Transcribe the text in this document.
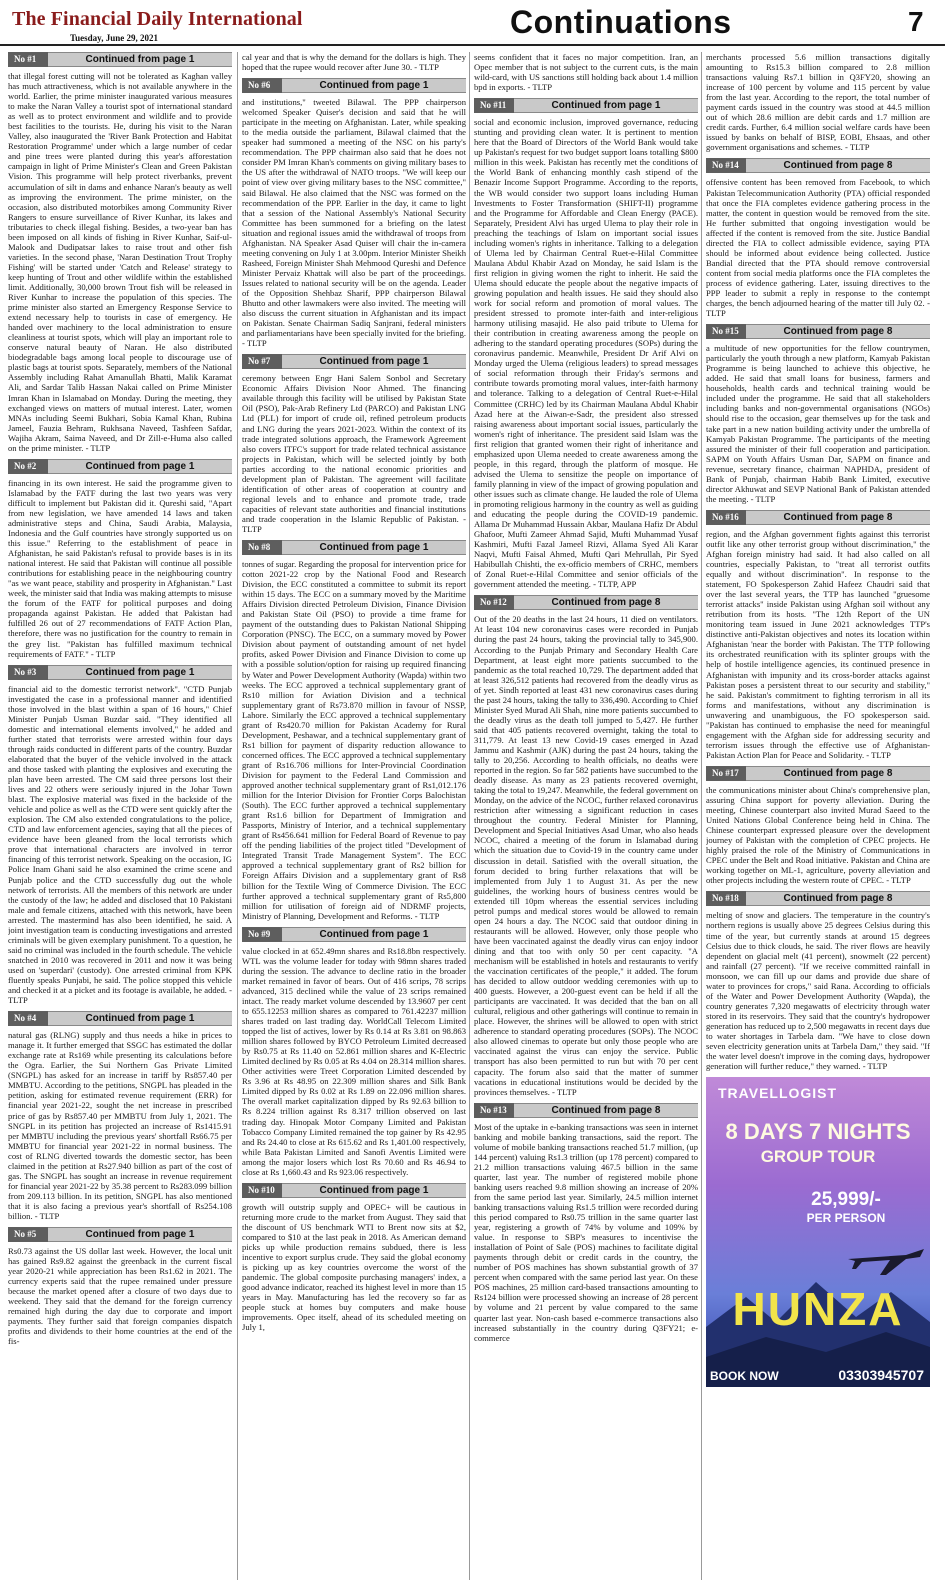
The Financial Daily International
Tuesday, June 29, 2021	Continuations	7
No #1	Continued from page 1
that illegal forest cutting will not be tolerated as Kaghan valley has much attractiveness, which is not available anywhere in the world. Earlier, the prime minister inaugurated various measures to make the Naran Valley a tourist spot of international standard as well as to protect environment and wildlife and to provide best facilities to the tourists. He, during his visit to the Naran Valley, also inaugurated the 'River Bank Protection and Habitat Restoration Programme' under which a large number of cedar and pine trees were planted during this year's afforestation campaign in light of Prime Minister's Clean and Green Pakistan Vision. This programme will help protect riverbanks, prevent accumulation of silt in dams and enhance Naran's beauty as well as improving the environment. The prime minister, on the occasion, also distributed motorbikes among Community River Rangers to ensure surveillance of River Kunhar, its lakes and tributaries to check illegal fishing. Besides, a two-year ban has been imposed on all kinds of fishing in River Kunhar, Saif-ul-Malook and Dudipatsar lakes to raise trout and other fish varieties. In the second phase, 'Naran Destination Trout Trophy Fishing' will be started under 'Catch and Release' strategy to keep hunting of Trout and other wildlife within the established limit. Additionally, 30,000 brown Trout fish will be released in River Kunhar to increase the population of this species. The prime minister also started an Emergency Response Service to extend necessary help to tourists in case of emergency. He handed over machinery to the local administration to ensure cleanliness at tourist spots, which will play an important role to conserve natural beauty of Naran. He also distributed biodegradable bags among local people to discourage use of plastic bags at tourist spots. Separately, members of the National Assembly including Rahat Amanullah Bhatti, Malik Karamat Ali, and Sardar Talib Hassan Nakai called on Prime Minister Imran Khan in Islamabad on Monday. During the meeting, they exchanged views on matters of mutual interest. Later, women MNAs including Seemi Bukhari, Sobia Kamal Khan, Rubina Jameel, Fauzia Behram, Rukhsana Naveed, Tashfeen Safdar, Wajiha Akram, Saima Naveed, and Dr Zill-e-Huma also called on the prime minister. - TLTP
No #2	Continued from page 1
financing in its own interest. He said the programme given to Islamabad by the FATF during the last two years was very difficult to implement but Pakistan did it. Qureshi said, "Apart from new legislation, we have amended 14 laws and taken administrative steps and China, Saudi Arabia, Malaysia, Indonesia and the Gulf countries have strongly supported us on this issue." Referring to the establishment of peace in Afghanistan, he said Pakistan's refusal to provide bases is in its national interest. He said that Pakistan will continue all possible contributions for establishing peace in the neighbouring country "as we want peace, stability and prosperity in Afghanistan." Last week, the minister said that India was making attempts to misuse the forum of the FATF for political purposes and doing propaganda against Pakistan. He added that Pakistan had fulfilled 26 out of 27 recommendations of FATF Action Plan, therefore, there was no justification for the country to remain in the grey list. "Pakistan has fulfilled maximum technical requirements of FATF." - TLTP
No #3	Continued from page 1
financial aid to the domestic terrorist network". "CTD Punjab investigated the case in a professional manner and identified those involved in the blast within a span of 16 hours," Chief Minister Punjab Usman Buzdar said. "They identified all domestic and international elements involved," he added and further stated that terrorists were arrested within four days through raids conducted in different parts of the country. Buzdar elaborated that the buyer of the vehicle involved in the attack and those tasked with planting the explosives and executing the plan have been arrested. The CM said three persons lost their lives and 22 others were seriously injured in the Johar Town blast. The explosive material was fixed in the backside of the vehicle and police as well as the CTD were sent quickly after the explosion. The CM also extended congratulations to the police, CTD and law enforcement agencies, saying that all the pieces of evidence have been gleaned from the local terrorists which prove that international characters are involved in terror financing of this terrorist network. Speaking on the occasion, IG Police Inam Ghani said he also examined the crime scene and Punjab police and the CTD successfully dug out the whole network of terrorists. All the members of this network are under the custody of the law; he added and disclosed that 10 Pakistani male and female citizens, attached with this network, have been arrested. The mastermind has also been identified, he said. A joint investigation team is conducting investigations and arrested criminals will be given exemplary punishment. To a question, he said no criminal was included in the fourth schedule. The vehicle snatched in 2010 was recovered in 2011 and now it was being used on 'superdari' (custody). One arrested criminal from KPK fluently speaks Punjabi, he said. The police stopped this vehicle and checked it at a picket and its footage is available, he added. - TLTP
No #4	Continued from page 1
natural gas (RLNG) supply and thus needs a hike in prices to manage it. It further emerged that SSGC has estimated the dollar exchange rate at Rs169 while presenting its calculations before the Ogra. Earlier, the Sui Northern Gas Private Limited (SNGPL) has asked for an increase in tariff by Rs857.40 per MMBTU. According to the petitions, SNGPL has pleaded in the petition, asking for estimated revenue requirement (ERR) for financial year 2021-22, sought the net increase in prescribed price of gas by Rs857.40 per MMBTU from July 1, 2021. The SNGPL in its petition has projected an increase of Rs1415.91 per MMBTU including the previous years' shortfall Rs66.75 per MMBTU for financial year 2021-22 in normal business. The cost of RLNG diverted towards the domestic sector, has been claimed in the petition at Rs27.940 billion as part of the cost of gas. The SNGPL has sought an increase in revenue requirement for financial year 2021-22 by 35.38 percent to Rs283.099 billion from 209.113 billion. In its petition, SNGPL has also mentioned that it is also facing a previous year's shortfall of Rs254.108 billion. - TLTP
No #5	Continued from page 1
Rs0.73 against the US dollar last week. However, the local unit has gained Rs9.82 against the greenback in the current fiscal year 2020-21 while appreciation has been Rs1.62 in 2021. The currency experts said that the rupee remained under pressure because the market opened after a closure of two days due to weekend. They said that the demand for the foreign currency remained high during the day due to corporate and import payments. They further said that foreign companies dispatch profits and dividends to their home countries at the end of the fis-
cal year and that is why the demand for the dollars is high. They hoped that the rupee would recover after June 30. - TLTP
No #6	Continued from page 1
and institutions," tweeted Bilawal. The PPP chairperson welcomed Speaker Quiser's decision and said that he will participate in the meeting on Afghanistan. Later, while speaking to the media outside the parliament, Bilawal claimed that the speaker had summoned a meeting of the NSC on his party's recommendation. The PPP chairman also said that he does not consider PM Imran Khan's comments on giving military bases to the US after the withdrawal of NATO troops. "We will keep our point of view over giving military bases to the NSC committee," said Bilawal. He also claimed that the NSC was formed on the recommendation of the PPP. Earlier in the day, it came to light that a session of the National Assembly's National Security Committee has been summoned for a briefing on the latest situation and regional issues amid the withdrawal of troops from Afghanistan. NA Speaker Asad Quiser will chair the in-camera meeting convening on July 1 at 3.00pm. Interior Minister Sheikh Rasheed, Foreign Minister Shah Mehmood Qureshi and Defence Minister Pervaiz Khattak will also be part of the proceedings. Issues related to national security will be on the agenda. Leader of the Opposition Shehbaz Sharif, PPP chairperson Bilawal Bhutto and other lawmakers were also invited. The meeting will also discuss the current situation in Afghanistan and its impact on Pakistan. Senate Chairman Sadiq Sanjrani, federal ministers and parliamentarians have been specially invited for the briefing. - TLTP
No #7	Continued from page 1
ceremony between Engr Hani Salem Sonbol and Secretary Economic Affairs Division Noor Ahmed. The financing available through this facility will be utilised by Pakistan State Oil (PSO), Pak-Arab Refinery Ltd (PARCO) and Pakistan LNG Ltd (PLL) for import of crude oil, refined petroleum products and LNG during the years 2021-2023. Within the context of its trade integrated solutions approach, the Framework Agreement also covers ITFC's support for trade related technical assistance projects in Pakistan, which will be selected jointly by both parties according to the national economic priorities and development plan of Pakistan. The agreement will facilitate identification of other areas of cooperation at country and regional levels and to enhance and promote trade, trade capacities of relevant state authorities and financial institutions and trade cooperation in the Islamic Republic of Pakistan. - TLTP
No #8	Continued from page 1
tonnes of sugar. Regarding the proposal for intervention price for cotton 2021-22 crop by the National Food and Research Division, the ECC constituted a committee to submit its report within 15 days. The ECC on a summary moved by the Maritime Affairs Division directed Petroleum Division, Finance Division and Pakistan State Oil (PSO) to provide a time frame for payment of the outstanding dues to Pakistan National Shipping Corporation (PNSC). The ECC, on a summary moved by Power Division about payment of outstanding amount of net hydel profits, asked Power Division and Finance Division to come up with a possible solution/option for raising up required financing by Water and Power Development Authority (Wapda) within two weeks. The ECC approved a technical supplementary grant of Rs10 million for Aviation Division and a technical supplementary grant of Rs73.870 million in favour of NSSP, Lahore. Similarly the ECC approved a technical supplementary grant of Rs420.70 million for Pakistan Academy for Rural Development, Peshawar, and a technical supplementary grant of Rs1 billion for payment of disparity reduction allowance to concerned offices. The ECC approved a technical supplementary grant of Rs16.706 millions for Inter-Provincial Coordination Division for payment to the Federal Land Commission and approved another technical supplementary grant of Rs1,012.176 million for the Interior Division for Frontier Corps Balochistan (South). The ECC further approved a technical supplementary grant Rs1.6 billion for Department of Immigration and Passports, Ministry of Interior, and a technical supplementary grant of Rs456.641 million for Federal Board of Revenue to pay off the pending liabilities of the project titled "Development of Integrated Transit Trade Management System". The ECC approved a technical supplementary grant of Rs2 billion for Foreign Affairs Division and a supplementary grant of Rs8 billion for the Textile Wing of Commerce Division. The ECC further approved a technical supplementary grant of Rs5,800 million for utilisation of foreign aid of NDRMF projects, Ministry of Planning, Development and Reforms. - TLTP
No #9	Continued from page 1
value clocked in at 652.49mn shares and Rs18.8bn respectively. WTL was the volume leader for today with 98mn shares traded during the session. The advance to decline ratio in the broader market remained in favor of bears. Out of 416 scrips, 78 scrips advanced, 315 declined while the value of 23 scrips remained intact. The ready market volume descended by 13.9607 per cent to 655.12253 million shares as compared to 761.42237 million shares traded on last trading day. WorldCall Telecom Limited topped the list of actives, lower by Rs 0.14 at Rs 3.81 on 98.863 million shares followed by BYCO Petroleum Limited decreased by Rs0.75 at Rs 11.40 on 52.861 million shares and K-Electric Limited declined by Rs 0.05 at Rs 4.04 on 28.314 million shares. Other activities were Treet Corporation Limited descended by Rs 3.96 at Rs 48.95 on 22.309 million shares and Silk Bank Limited dipped by Rs 0.02 at Rs 1.89 on 22.096 million shares. The overall market capitalization dipped by Rs 92.63 billion to Rs 8.224 trillion against Rs 8.317 trillion observed on last trading day. Hinopak Motor Company Limited and Pakistan Tobacco Company Limited remained the top gainer by Rs 42.95 and Rs 24.40 to close at Rs 615.62 and Rs 1,401.00 respectively, while Bata Pakistan Limited and Sanofi Aventis Limited were among the major losers which lost Rs 70.60 and Rs 46.94 to close at Rs 1,660.43 and Rs 923.06 respectively.
No #10	Continued from page 1
growth will outstrip supply and OPEC+ will be cautious in returning more crude to the market from August. They said that the discount of US benchmark WTI to Brent now sits at $2, compared to $10 at the last peak in 2018. As American demand picks up while production remains subdued, there is less incentive to export surplus crude. They said the global economy is picking up as key countries overcome the worst of the pandemic. The global composite purchasing managers' index, a good advance indicator, reached its highest level in more than 15 years in May. Manufacturing has led the recovery so far as people stuck at homes buy computers and make house improvements. Opec itself, ahead of its scheduled meeting on July 1,
seems confident that it faces no major competition. Iran, an Opec member that is not subject to the current cuts, is the main wild-card, with US sanctions still holding back about 1.4 million bpd in exports. - TLTP
No #11	Continued from page 1
social and economic inclusion, improved governance, reducing stunting and providing clean water. It is pertinent to mention here that the Board of Directors of the World Bank would take up Pakistan's request for two budget support loans totalling $800 million in this week. Pakistan has recently met the conditions of the World Bank of enhancing monthly cash stipend of the Benazir Income Support Programme. According to the reports, the WB would consider two support loans including Human Investments to Foster Transformation (SHIFT-II) programme and the Programme for Affordable and Clean Energy (PACE). Separately, President Alvi has urged Ulema to play their role in preaching the teachings of Islam on important social issues including women's rights in inheritance. Talking to a delegation of Ulema led by Chairman Central Ruet-e-Hilal Committee Maulana Abdul Khabir Azad on Monday, he said Islam is the first religion in giving women the right to inherit. He said the Ulema should educate the people about the negative impacts of growing population and health issues. He said they should also work for social reform and promotion of moral values. The president stressed to promote inter-faith and inter-religious harmony utilising masajid. He also paid tribute to Ulema for their contribution in creating awareness among the people on adhering to the standard operating procedures (SOPs) during the coronavirus pandemic. Meanwhile, President Dr Arif Alvi on Monday urged the Ulema (religious leaders) to spread messages of social reformation through their Friday's sermons and contribute towards promoting moral values, inter-faith harmony and tolerance. Talking to a delegation of Central Ruet-e-Hilal Committee (CRHC) led by its Chairman Maulana Abdul Khabir Azad here at the Aiwan-e-Sadr, the president also stressed raising awareness about important social issues, particularly the women's right of inheritance. The president said Islam was the first religion that granted women their right of inheritance and emphasized upon Ulema needed to create awareness among the people, in this regard, through the platform of mosque. He advised the Ulema to sensitize the people on importance of family planning in view of the impact of growing population and other issues such as climate change. He lauded the role of Ulema in promoting religious harmony in the country as well as guiding and educating the people during the COVID-19 pandemic. Allama Dr Muhammad Hussain Akbar, Maulana Hafiz Dr Abdul Ghafoor, Mufti Zameer Ahmad Sajid, Mufti Muhammad Yusaf Kashmiri, Mufti Fazal Jameel Rizvi, Allama Syed Ali Karar Naqvi, Mufti Faisal Ahmed, Mufti Qari Mehrullah, Pir Syed Habibullah Chishti, the ex-officio members of CRHC, members of Zonal Ruet-e-Hilal Committee and senior officials of the government attended the meeting. - TLTP, APP
No #12	Continued from page 8
Out of the 20 deaths in the last 24 hours, 11 died on ventilators. At least 104 new coronavirus cases were recorded in Punjab during the past 24 hours, taking the provincial tally to 345,900. According to the Punjab Primary and Secondary Health Care Department, at least eight more patients succumbed to the pandemic as the total reached 10,729. The department added that at least 326,512 patients had recovered from the deadly virus as of yet. Sindh reported at least 431 new coronavirus cases during the past 24 hours, taking the tally to 336,490. According to Chief Minister Syed Murad Ali Shah, nine more patients succumbed to the deadly virus as the death toll jumped to 5,427. He further said that 405 patients recovered overnight, taking the total to 311,779. At least 13 new Covid-19 cases emerged in Azad Jammu and Kashmir (AJK) during the past 24 hours, taking the tally to 20,256. According to health officials, no deaths were reported in the region. So far 582 patients have succumbed to the deadly disease. As many as 23 patients recovered overnight, taking the total to 19,247. Meanwhile, the federal government on Monday, on the advice of the NCOC, further relaxed coronavirus restriction after witnessing a significant reduction in cases throughout the country. Federal Minister for Planning, Development and Special Initiatives Asad Umar, who also heads NCOC, chaired a meeting of the forum in Islamabad during which the situation due to Covid-19 in the country came under discussion in detail. Satisfied with the overall situation, the forum decided to bring further relaxations that will be implemented from July 1 to August 31. As per the new guidelines, the working hours of business centres would be extended till 10pm whereas the essential services including petrol pumps and medical stores would be allowed to remain open 24 hours a day. The NCOC said that outdoor dining in restaurants will be allowed. However, only those people who have been vaccinated against the deadly virus can enjoy indoor dining and that too with only 50 per cent capacity. "A mechanism will be established in hotels and restaurants to verify the vaccination certificates of the people," it added. The forum has decided to allow outdoor wedding ceremonies with up to 400 guests. However, a 200-guest event can be held if all the participants are vaccinated. It was decided that the ban on all cultural, religious and other gatherings will continue to remain in place. However, the shrines will be allowed to open with strict adherence to standard operating procedures (SOPs). The NCOC also allowed cinemas to operate but only those people who are vaccinated against the virus can enjoy the service. Public transport has also been permitted to run but with 70 per cent capacity. The forum also said that the matter of summer vacations in educational institutions would be decided by the provinces themselves. - TLTP
No #13	Continued from page 8
Most of the uptake in e-banking transactions was seen in internet banking and mobile banking transactions, said the report. The volume of mobile banking transactions reached 51.7 million, (up 144 percent) valuing Rs1.3 trillion (up 178 percent) compared to 21.2 million transactions valuing 467.5 billion in the same quarter, last year. The number of registered mobile phone banking users reached 9.8 million showing an increase of 20% from the same period last year. Similarly, 24.5 million internet banking transactions valuing Rs1.5 trillion were recorded during this period compared to Rs0.75 trillion in the same quarter last year, registering a growth of 74% by volume and 109% by value. In response to SBP's measures to incentivise the installation of Point of Sale (POS) machines to facilitate digital payments through debit or credit cards in the country, the number of POS machines has shown substantial growth of 37 percent when compared with the same period last year. On these POS machines, 25 million card-based transactions amounting to Rs124 billion were processed showing an increase of 28 percent by volume and 21 percent by value compared to the same quarter last year. Non-cash based e-commerce transactions also increased substantially in the country during Q3FY21; e-commerce
merchants processed 5.6 million transactions digitally amounting to Rs15.3 billion compared to 2.8 million transactions valuing Rs7.1 billion in Q3FY20, showing an increase of 100 percent by volume and 115 percent by value from the last year. According to the report, the total number of payment cards issued in the country was stood at 44.5 million out of which 28.6 million are debit cards and 1.7 million are credit cards. Further, 6.4 million social welfare cards have been issued by banks on behalf of BISP, EOBI, Ehsaas, and other government organisations and schemes. - TLTP
No #14	Continued from page 8
offensive content has been removed from Facebook, to which Pakistan Telecommunication Authority (PTA) official responded that once the FIA completes evidence gathering process in the matter, the content in question would be removed from the site. He further submitted that ongoing investigation would be affected if the content is removed from the site. Justice Bandial directed the FIA to collect admissible evidence, saying PTA should be informed about evidence being collected. Justice Bandial directed that the PTA should remove controversial content from social media platforms once the FIA completes the process of evidence gathering. Later, issuing directives to the PPP leader to submit a reply in response to the contempt charges, the bench adjourned hearing of the matter till July 02. - TLTP
No #15	Continued from page 8
a multitude of new opportunities for the fellow countrymen, particularly the youth through a new platform, Kamyab Pakistan Programme is being launched to achieve this objective, he added. He said that small loans for business, farmers and households, health cards and technical training would be included under the programme. He said that all stakeholders including banks and non-governmental organisations (NGOs) should rise to the occasion, gear themselves up for the task and take part in a new nation building activity under the umbrella of Kamyab Pakistan Programme. The participants of the meeting assured the minister of their full cooperation and participation. SAPM on Youth Affairs Usman Dar, SAPM on finance and revenue, secretary finance, chairman NAPHDA, president of Bank of Punjab, chairman Habib Bank Limited, executive director Akhuwat and SEVP National Bank of Pakistan attended the meeting. - TLTP
No #16	Continued from page 8
region, and the Afghan government fights against this terrorist outfit like any other terrorist group without discrimination," the Afghan foreign ministry had said. It had also called on all countries, especially Pakistan, to "treat all terrorist outfits equally and without discrimination". In response to the statement, FO Spokesperson Zahid Hafeez Chaudri said that over the last several years, the TTP has launched "gruesome terrorist attacks" inside Pakistan using Afghan soil without any retribution from its hosts. "The 12th Report of the UN monitoring team issued in June 2021 acknowledges TTP's distinctive anti-Pakistan objectives and notes its location within Afghanistan 'near the border with Pakistan. The TTP following its orchestrated reunification with its splinter groups with the help of hostile intelligence agencies, its continued presence in Afghanistan with impunity and its cross-border attacks against Pakistan poses a persistent threat to our security and stability," he said. Pakistan's commitment to fighting terrorism in all its forms and manifestations, without any discrimination is unwavering and unambiguous, the FO spokesperson said. "Pakistan has continued to emphasise the need for meaningful engagement with the Afghan side for addressing security and terrorism issues through the effective use of Afghanistan-Pakistan Action Plan for Peace and Solidarity. - TLTP
No #17	Continued from page 8
the communications minister about China's comprehensive plan, assuring China support for poverty alleviation. During the meeting, Chinese counterpart also invited Murad Saeed to the United Nations Global Conference being held in China. The Chinese counterpart expressed pleasure over the development journey of Pakistan with the completion of CPEC projects. He highly praised the role of the Ministry of Communications in CPEC under the Belt and Road initiative. Pakistan and China are working together on ML-1, agriculture, poverty alleviation and other projects including the western route of CPEC. - TLTP
No #18	Continued from page 8
melting of snow and glaciers. The temperature in the country's northern regions is usually above 25 degrees Celsius during this time of the year, but currently stands at around 15 degrees Celsius due to thick clouds, he said. The river flows are heavily dependent on glacial melt (41 percent), snowmelt (22 percent) and rainfall (27 percent). "If we receive committed rainfall in monsoon, we can fill up our dams and provide due share of water to provinces for crops," said Rana. According to officials of the Water and Power Development Authority (Wapda), the country generates 7,320 megawatts of electricity through water stored in its reservoirs. They said that the country's hydropower generation has reduced up to 2,500 megawatts in recent days due to water shortages in Tarbela dam. "We have to close down seven electricity generation units at Tarbela Dam," they said. "If the water level doesn't improve in the coming days, hydropower generation will further reduce," they warned. - TLTP
TRAVELLOGIST
8 DAYS 7 NIGHTS
GROUP TOUR
25,999/-
PER PERSON
HUNZA
BOOK NOW	03303945707
